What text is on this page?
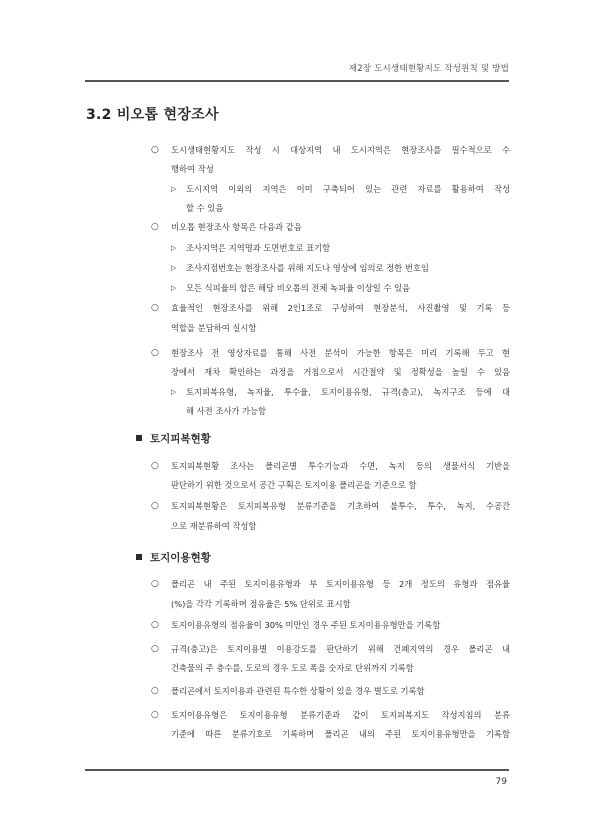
제2장 도시생태현황지도 작성원칙 및 방법
3.2 비오톱 현장조사
○ 도시생태현황지도 작성 시 대상지역 내 도시지역은 현장조사를 필수적으로 수
행하여 작성
▷ 도시지역 이외의 지역은 이미 구축되어 있는 관련 자료를 활용하여 작성
할 수 있음
○ 비오톱 현장조사 항목은 다음과 같음
▷ 조사지역은 지역명과 도면번호로 표기함
▷ 조사지점번호는 현장조사를 위해 지도나 영상에 임의로 정한 번호임
▷ 모든 식피율의 합은 해당 비오톱의 전체 녹피율 이상일 수 있음
○ 효율적인 현장조사를 위해 2인1조로 구성하여 현장분석, 사진촬영 및 기록 등
역할을 분담하여 실시함
○ 현장조사 전 영상자료를 통해 사전 분석이 가능한 항목은 미리 기록해 두고 현
장에서 재차 확인하는 과정을 거침으로서 시간절약 및 정확성을 높일 수 있음
▷ 토지피복유형, 녹지율, 투수율, 토지이용유형, 규격(층고), 녹지구조 등에 대
해 사전 조사가 가능함
토지피복현황
○ 토지피복현황 조사는 폴리곤별 투수기능과 수면, 녹지 등의 생물서식 기반을
판단하기 위한 것으로서 공간 구획은 토지이용 폴리곤을 기준으로 함
○ 토지피복현황은 토지피복유형 분류기준을 기초하여 불투수, 투수, 녹지, 수공간
으로 재분류하여 작성함
토지이용현황
○ 폴리곤 내 주된 토지이용유형과 부 토지이용유형 등 2개 정도의 유형과 점유율
(%)을 각각 기록하며 점유율은 5% 단위로 표시함
○ 토지이용유형의 점유율이 30% 미만인 경우 주된 토지이용유형만을 기록함
○ 규격(층고)은 토지이용별 이용강도를 판단하기 위해 건폐지역의 경우 폴리곤 내
건축물의 주 층수를, 도로의 경우 도로 폭을 숫자로 단위까지 기록함
○ 폴리곤에서 토지이용과 관련된 특수한 상황이 있을 경우 별도로 기록함
○ 토지이용유형은 토지이용유형 분류기준과 같이 토지피복지도 작성지침의 분류
기준에 따른 분류기호로 기록하며 폴리곤 내의 주된 토지이용유형만을 기록함
79
